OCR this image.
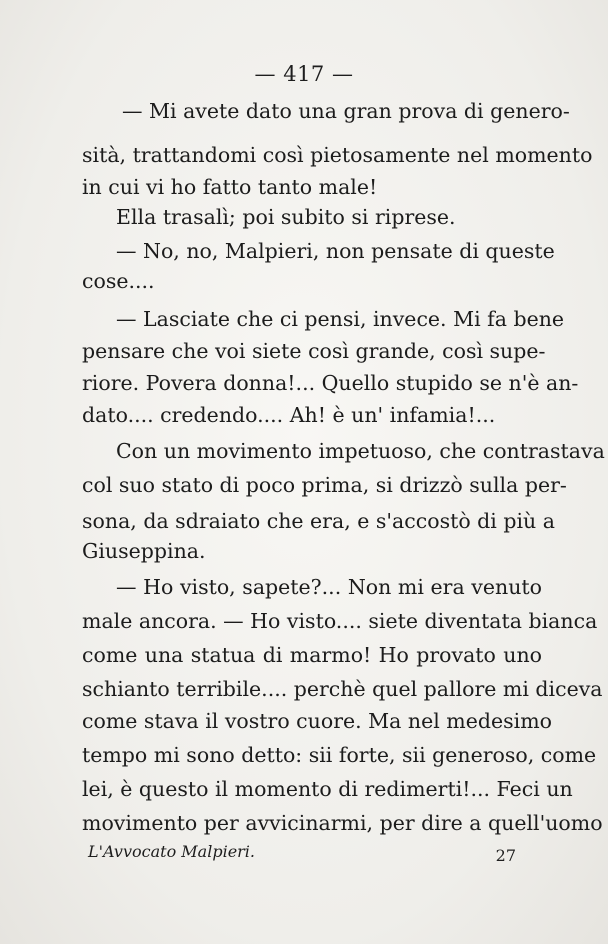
— 417 —
— Mi avete dato una gran prova di genero-
sità, trattandomi così pietosamente nel momento
in cui vi ho fatto tanto male!
Ella trasalì; poi subito si riprese.
— No, no, Malpieri, non pensate di queste
cose....
— Lasciate che ci pensi, invece. Mi fa bene
pensare che voi siete così grande, così supe-
riore. Povera donna!... Quello stupido se n'è an-
dato.... credendo.... Ah! è un' infamia!...
Con un movimento impetuoso, che contrastava
col suo stato di poco prima, si drizzò sulla per-
sona, da sdraiato che era, e s'accostò di più a
Giuseppina.
— Ho visto, sapete?... Non mi era venuto
male ancora. — Ho visto.... siete diventata bianca
come una statua di marmo! Ho provato uno
schianto terribile.... perchè quel pallore mi diceva
come stava il vostro cuore. Ma nel medesimo
tempo mi sono detto: sii forte, sii generoso, come
lei, è questo il momento di redimerti!... Feci un
movimento per avvicinarmi, per dire a quell'uomo
L'Avvocato Malpieri.	27
